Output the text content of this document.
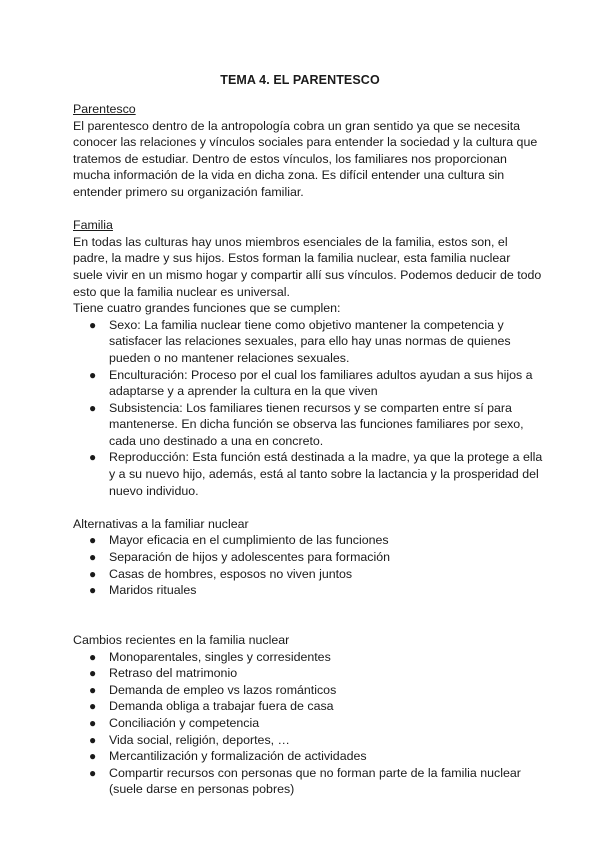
TEMA 4. EL PARENTESCO

Parentesco

El parentesco dentro de la antropología cobra un gran sentido ya que se necesita conocer las relaciones y vínculos sociales para entender la sociedad y la cultura que tratemos de estudiar. Dentro de estos vínculos, los familiares nos proporcionan mucha información de la vida en dicha zona. Es difícil entender una cultura sin entender primero su organización familiar.

Familia

En todas las culturas hay unos miembros esenciales de la familia, estos son, el padre, la madre y sus hijos. Estos forman la familia nuclear, esta familia nuclear suele vivir en un mismo hogar y compartir allí sus vínculos. Podemos deducir de todo esto que la familia nuclear es universal.

Tiene cuatro grandes funciones que se cumplen:

● Sexo: La familia nuclear tiene como objetivo mantener la competencia y satisfacer las relaciones sexuales, para ello hay unas normas de quienes pueden o no mantener relaciones sexuales.
● Enculturación: Proceso por el cual los familiares adultos ayudan a sus hijos a adaptarse y a aprender la cultura en la que viven
● Subsistencia: Los familiares tienen recursos y se comparten entre sí para mantenerse. En dicha función se observa las funciones familiares por sexo, cada uno destinado a una en concreto.
● Reproducción: Esta función está destinada a la madre, ya que la protege a ella y a su nuevo hijo, además, está al tanto sobre la lactancia y la prosperidad del nuevo individuo.

Alternativas a la familiar nuclear

● Mayor eficacia en el cumplimiento de las funciones
● Separación de hijos y adolescentes para formación
● Casas de hombres, esposos no viven juntos
● Maridos rituales

Cambios recientes en la familia nuclear

● Monoparentales, singles y corresidentes
● Retraso del matrimonio
● Demanda de empleo vs lazos románticos
● Demanda obliga a trabajar fuera de casa
● Conciliación y competencia
● Vida social, religión, deportes, …
● Mercantilización y formalización de actividades
● Compartir recursos con personas que no forman parte de la familia nuclear (suele darse en personas pobres)
